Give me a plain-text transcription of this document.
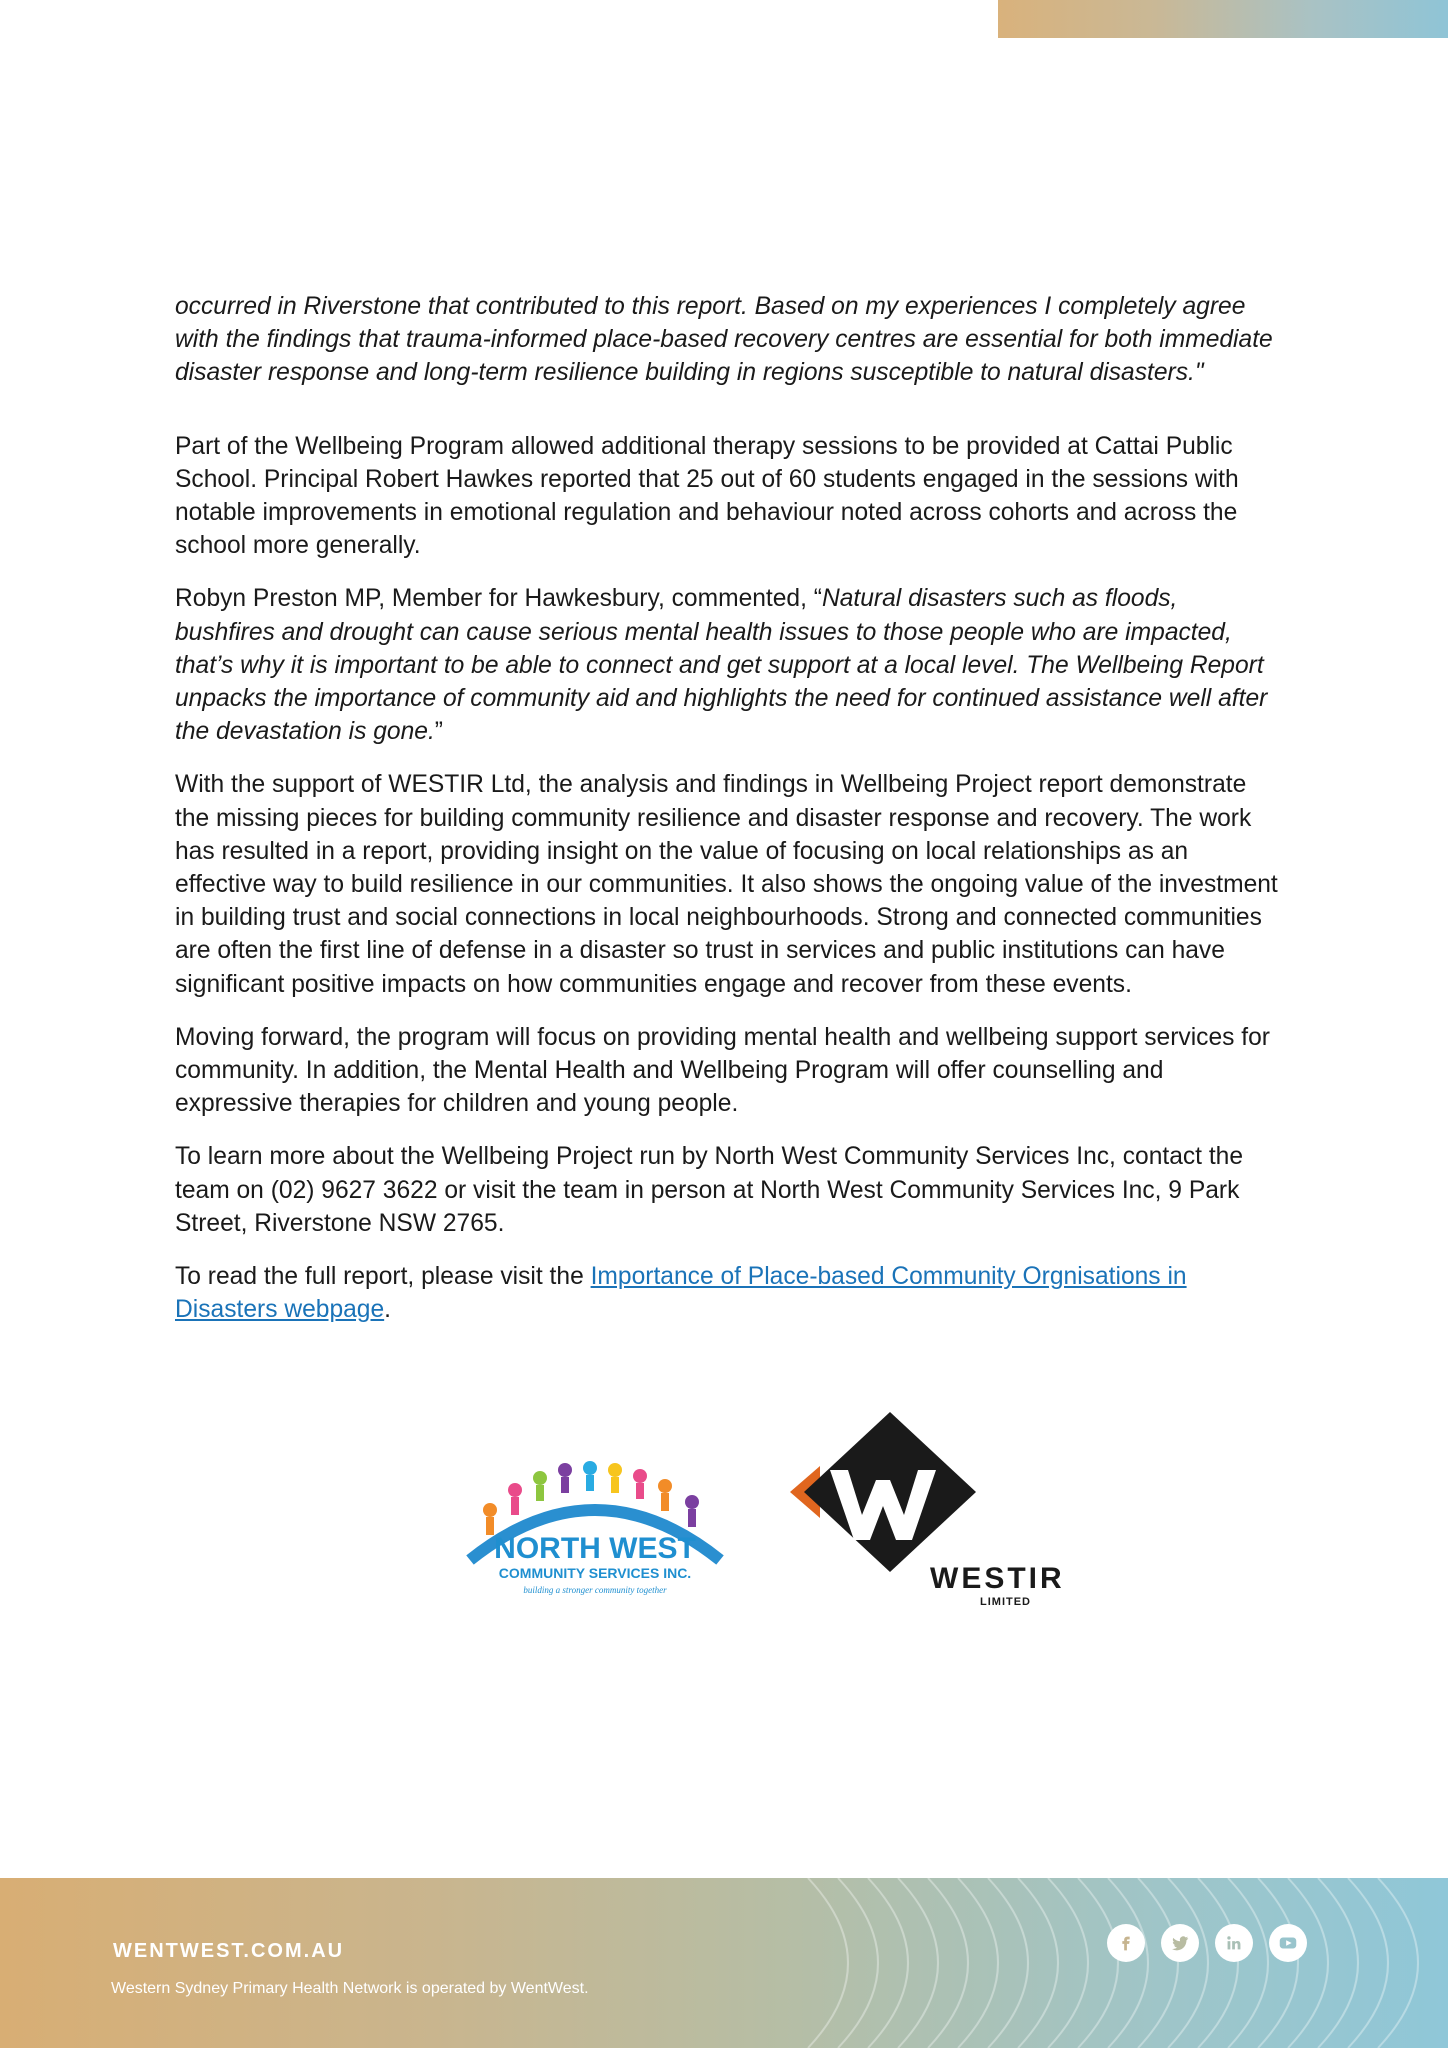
occurred in Riverstone that contributed to this report. Based on my experiences I completely agree with the findings that trauma-informed place-based recovery centres are essential for both immediate disaster response and long-term resilience building in regions susceptible to natural disasters."

Part of the Wellbeing Program allowed additional therapy sessions to be provided at Cattai Public School. Principal Robert Hawkes reported that 25 out of 60 students engaged in the sessions with notable improvements in emotional regulation and behaviour noted across cohorts and across the school more generally.

Robyn Preston MP, Member for Hawkesbury, commented, “Natural disasters such as floods, bushfires and drought can cause serious mental health issues to those people who are impacted, that’s why it is important to be able to connect and get support at a local level. The Wellbeing Report unpacks the importance of community aid and highlights the need for continued assistance well after the devastation is gone.”

With the support of WESTIR Ltd, the analysis and findings in Wellbeing Project report demonstrate the missing pieces for building community resilience and disaster response and recovery. The work has resulted in a report, providing insight on the value of focusing on local relationships as an effective way to build resilience in our communities. It also shows the ongoing value of the investment in building trust and social connections in local neighbourhoods. Strong and connected communities are often the first line of defense in a disaster so trust in services and public institutions can have significant positive impacts on how communities engage and recover from these events.

Moving forward, the program will focus on providing mental health and wellbeing support services for community. In addition, the Mental Health and Wellbeing Program will offer counselling and expressive therapies for children and young people.

To learn more about the Wellbeing Project run by North West Community Services Inc, contact the team on (02) 9627 3622 or visit the team in person at North West Community Services Inc, 9 Park Street, Riverstone NSW 2765.

To read the full report, please visit the Importance of Place-based Community Orgnisations in Disasters webpage.

NORTH WEST
COMMUNITY SERVICES INC.
building a stronger community together	WESTIR
LIMITED
WENTWEST.COM.AU
Western Sydney Primary Health Network is operated by WentWest.
